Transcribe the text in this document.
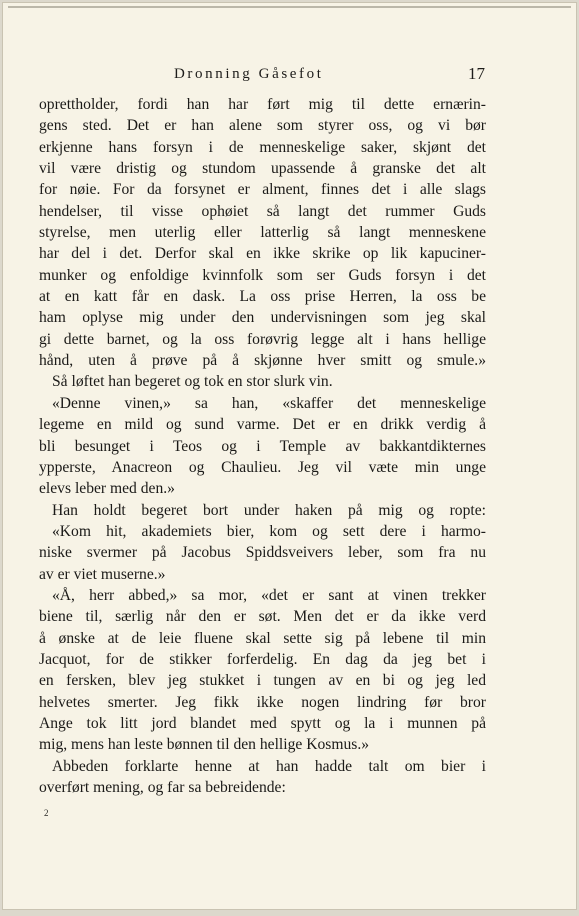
Dronning Gåsefot	17
oprettholder, fordi han har ført mig til dette ernærin-
gens sted. Det er han alene som styrer oss, og vi bør
erkjenne hans forsyn i de menneskelige saker, skjønt det
vil være dristig og stundom upassende å granske det alt
for nøie. For da forsynet er alment, finnes det i alle slags
hendelser, til visse ophøiet så langt det rummer Guds
styrelse, men uterlig eller latterlig så langt menneskene
har del i det. Derfor skal en ikke skrike op lik kapuciner-
munker og enfoldige kvinnfolk som ser Guds forsyn i det
at en katt får en dask. La oss prise Herren, la oss be
ham oplyse mig under den undervisningen som jeg skal
gi dette barnet, og la oss forøvrig legge alt i hans hellige
hånd, uten å prøve på å skjønne hver smitt og smule.»
Så løftet han begeret og tok en stor slurk vin.
«Denne vinen,» sa han, «skaffer det menneskelige
legeme en mild og sund varme. Det er en drikk verdig å
bli besunget i Teos og i Temple av bakkantdikternes
ypperste, Anacreon og Chaulieu. Jeg vil væte min unge
elevs leber med den.»
Han holdt begeret bort under haken på mig og ropte:
«Kom hit, akademiets bier, kom og sett dere i harmo-
niske svermer på Jacobus Spiddsveivers leber, som fra nu
av er viet muserne.»
«Å, herr abbed,» sa mor, «det er sant at vinen trekker
biene til, særlig når den er søt. Men det er da ikke verd
å ønske at de leie fluene skal sette sig på lebene til min
Jacquot, for de stikker forferdelig. En dag da jeg bet i
en fersken, blev jeg stukket i tungen av en bi og jeg led
helvetes smerter. Jeg fikk ikke nogen lindring før bror
Ange tok litt jord blandet med spytt og la i munnen på
mig, mens han leste bønnen til den hellige Kosmus.»
Abbeden forklarte henne at han hadde talt om bier i
overført mening, og far sa bebreidende:
2
